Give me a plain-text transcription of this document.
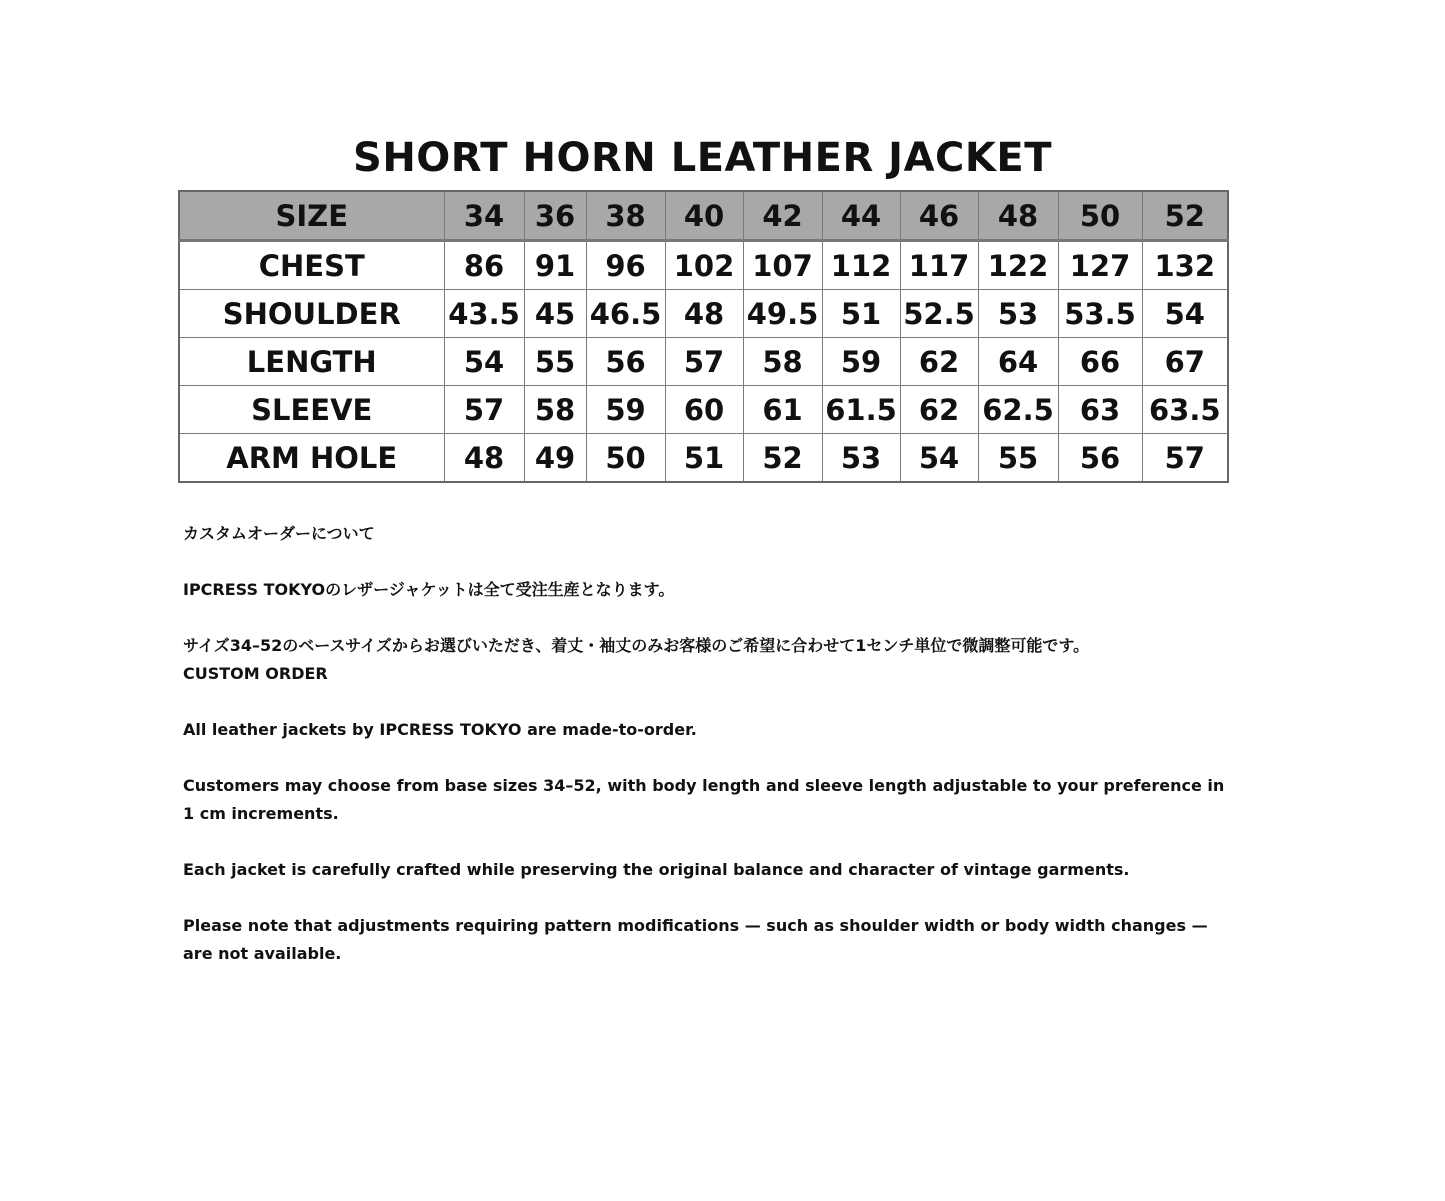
SHORT HORN LEATHER JACKET
SIZE	34	36	38	40	42	44	46	48	50	52
CHEST	86	91	96	102	107	112	117	122	127	132
SHOULDER	43.5	45	46.5	48	49.5	51	52.5	53	53.5	54
LENGTH	54	55	56	57	58	59	62	64	66	67
SLEEVE	57	58	59	60	61	61.5	62	62.5	63	63.5
ARM HOLE	48	49	50	51	52	53	54	55	56	57

カスタムオーダーについて

IPCRESS TOKYOのレザージャケットは全て受注生産となります。

サイズ34–52のベースサイズからお選びいただき、着丈・袖丈のみお客様のご希望に合わせて1センチ単位で微調整可能です。

CUSTOM ORDER

All leather jackets by IPCRESS TOKYO are made-to-order.

Customers may choose from base sizes 34–52, with body length and sleeve length adjustable to your preference in 1 cm increments.

Each jacket is carefully crafted while preserving the original balance and character of vintage garments.

Please note that adjustments requiring pattern modifications — such as shoulder width or body width changes — are not available.
